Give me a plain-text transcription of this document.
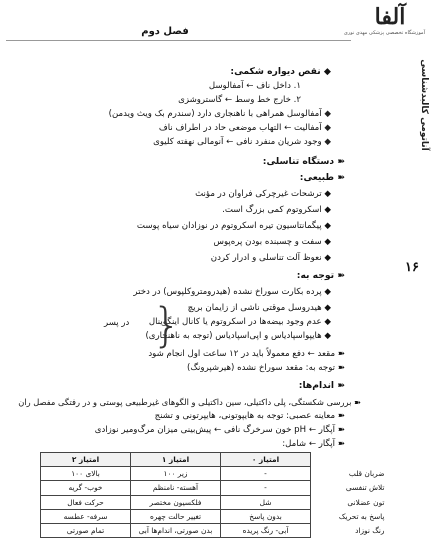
آلفا
آموزشگاه تخصصی پزشکی مهدی نوری
آناتومی کالبدشناسی
فصل دوم
۱۶
◆ نقص دیواره شکمی:
۱. داخل ناف ← آمفالوسل
۲. خارج خط وسط ← گاستروشزی
◆ آمفالوسل همراهی با ناهنجاری دارد (سندرم بک ویث ویدمن)
◆ آمفالیت ← التهاب موضعی حاد در اطراف ناف
◆ وجود شریان منفرد نافی ← آنومالی نهفته کلیوی
➽ دستگاه تناسلی:
➽ طبیعی:
◆ ترشحات غیرچرکی فراوان در مؤنث
◆ اسکروتوم کمی بزرگ است.
◆ پیگمانتاسیون تیره اسکروتوم در نوزادان سیاه پوست
◆ سفت و چسبنده بودن پره‌پوس
◆ نعوظ آلت تناسلی و ادرار کردن
➽ توجه به:
◆ پرده بکارت سوراخ نشده (هیدرومتروکلپوس) در دختر
◆ هیدروسل موقتی ناشی از زایمان بریچ
◆ عدم وجود بیضه‌ها در اسکروتوم یا کانال اینگوینال
◆ هایپواسپادیاس و اپی‌اسپادیاس (توجه به ناهنجاری)
{
در پسر
➽ مقعد ← دفع معمولاً باید در ۱۲ ساعت اول انجام شود
➽ توجه به: مقعد سوراخ نشده (هیرشپرونگ)
➽ اندام‌ها:
➽ بررسی شکستگی، پلی داکتیلی، سین داکتیلی و الگوهای غیرطبیعی پوستی و در رفتگی مفصل ران
➽ معاینه عصبی: توجه به هایپوتونی، هایپرتونی و تشنج
➽ آپگار ← pH خون سرخرگ نافی ← پیش‌بینی میزان مرگ‌ومیر نوزادی
➽ آپگار ← شامل:
	امتیاز ۰	امتیاز ۱	امتیاز ۲
ضربان قلب	-	زیر ۱۰۰	بالای ۱۰۰
تلاش تنفسی	-	آهسته- نامنظم	خوب- گریه
تون عضلانی	شل	فلکسیون مختصر	حرکت فعال
پاسخ به تحریک	بدون پاسخ	تغییر حالت چهره	سرفه- عطسه
رنگ نوزاد	آبی- رنگ پریده	بدن صورتی، اندام‌ها آبی	تمام صورتی
